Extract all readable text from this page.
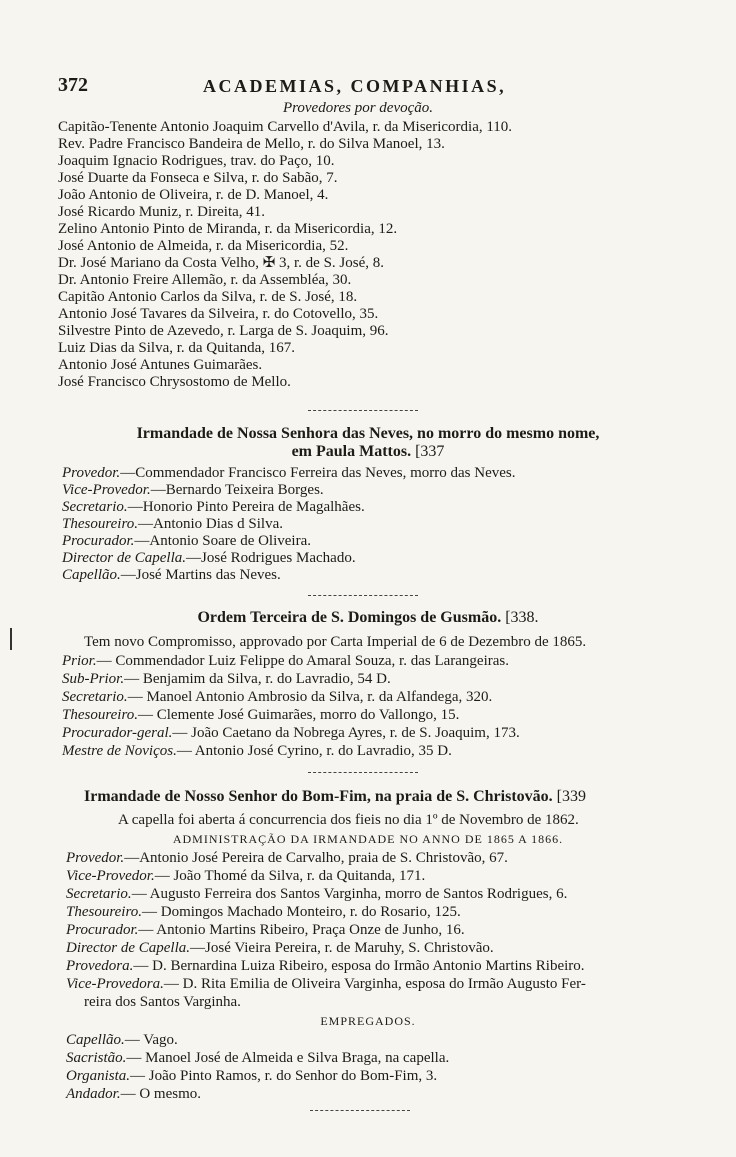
372	ACADEMIAS, COMPANHIAS,
Provedores por devoção.
Capitão-Tenente Antonio Joaquim Carvello d'Avila, r. da Misericordia, 110.
Rev. Padre Francisco Bandeira de Mello, r. do Silva Manoel, 13.
Joaquim Ignacio Rodrigues, trav. do Paço, 10.
José Duarte da Fonseca e Silva, r. do Sabão, 7.
João Antonio de Oliveira, r. de D. Manoel, 4.
José Ricardo Muniz, r. Direita, 41.
Zelino Antonio Pinto de Miranda, r. da Misericordia, 12.
José Antonio de Almeida, r. da Misericordia, 52.
Dr. José Mariano da Costa Velho, ✠ 3, r. de S. José, 8.
Dr. Antonio Freire Allemão, r. da Assembléa, 30.
Capitão Antonio Carlos da Silva, r. de S. José, 18.
Antonio José Tavares da Silveira, r. do Cotovello, 35.
Silvestre Pinto de Azevedo, r. Larga de S. Joaquim, 96.
Luiz Dias da Silva, r. da Quitanda, 167.
Antonio José Antunes Guimarães.
José Francisco Chrysostomo de Mello.
Irmandade de Nossa Senhora das Neves, no morro do mesmo nome,
em Paula Mattos. [337
Provedor.—Commendador Francisco Ferreira das Neves, morro das Neves.
Vice-Provedor.—Bernardo Teixeira Borges.
Secretario.—Honorio Pinto Pereira de Magalhães.
Thesoureiro.—Antonio Dias d Silva.
Procurador.—Antonio Soare de Oliveira.
Director de Capella.—José Rodrigues Machado.
Capellão.—José Martins das Neves.
Ordem Terceira de S. Domingos de Gusmão. [338.
Tem novo Compromisso, approvado por Carta Imperial de 6 de Dezembro de 1865.
Prior.— Commendador Luiz Felippe do Amaral Souza, r. das Larangeiras.
Sub-Prior.— Benjamim da Silva, r. do Lavradio, 54 D.
Secretario.— Manoel Antonio Ambrosio da Silva, r. da Alfandega, 320.
Thesoureiro.— Clemente José Guimarães, morro do Vallongo, 15.
Procurador-geral.— João Caetano da Nobrega Ayres, r. de S. Joaquim, 173.
Mestre de Noviços.— Antonio José Cyrino, r. do Lavradio, 35 D.
Irmandade de Nosso Senhor do Bom-Fim, na praia de S. Christovão. [339
A capella foi aberta á concurrencia dos fieis no dia 1º de Novembro de 1862.
ADMINISTRAÇÃO DA IRMANDADE NO ANNO DE 1865 A 1866.
Provedor.—Antonio José Pereira de Carvalho, praia de S. Christovão, 67.
Vice-Provedor.— João Thomé da Silva, r. da Quitanda, 171.
Secretario.— Augusto Ferreira dos Santos Varginha, morro de Santos Rodrigues, 6.
Thesoureiro.— Domingos Machado Monteiro, r. do Rosario, 125.
Procurador.— Antonio Martins Ribeiro, Praça Onze de Junho, 16.
Director de Capella.—José Vieira Pereira, r. de Maruhy, S. Christovão.
Provedora.— D. Bernardina Luiza Ribeiro, esposa do Irmão Antonio Martins Ribeiro.
Vice-Provedora.— D. Rita Emilia de Oliveira Varginha, esposa do Irmão Augusto Fer-
reira dos Santos Varginha.
EMPREGADOS.
Capellão.— Vago.
Sacristão.— Manoel José de Almeida e Silva Braga, na capella.
Organista.— João Pinto Ramos, r. do Senhor do Bom-Fim, 3.
Andador.— O mesmo.
